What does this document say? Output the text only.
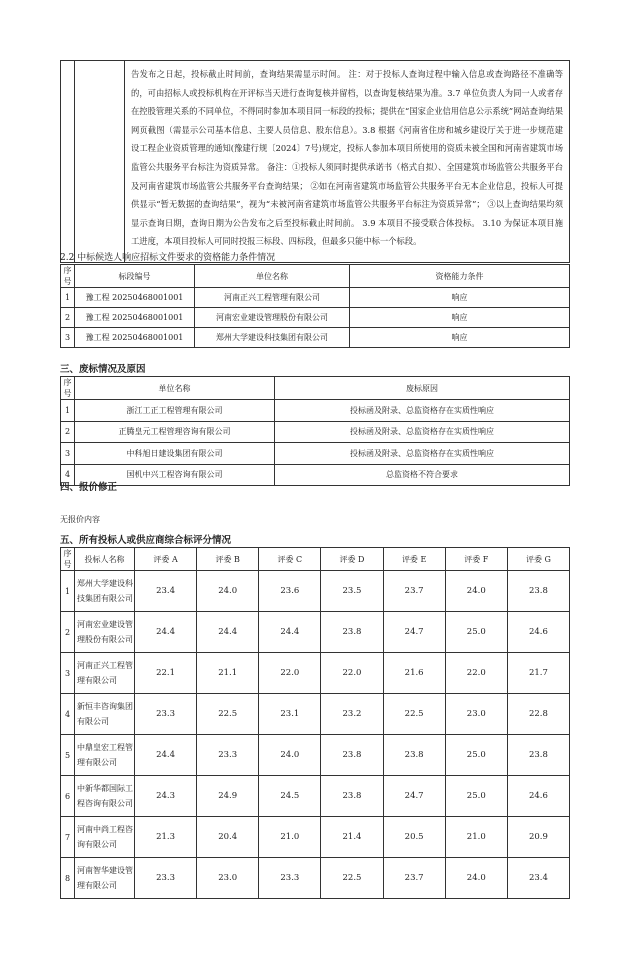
		告发布之日起，投标截止时间前，查询结果需显示时间。 注：对于投标人查询过程中输入信息或查询路径不准确等的，可由招标人或投标机构在开评标当天进行查询复核并留档，以查询复核结果为准。3.7 单位负责人为同一人或者存在控股管理关系的不同单位，不得同时参加本项目同一标段的投标；提供在“国家企业信用信息公示系统”网站查询结果网页截图（需显示公司基本信息、主要人员信息、股东信息）。3.8 根据《河南省住房和城乡建设厅关于进一步规范建设工程企业资质管理的通知(豫建行规〔2024〕7号)规定，投标人参加本项目所使用的资质未被全国和河南省建筑市场监管公共服务平台标注为资质异常。 备注：①投标人须同时提供承诺书（格式自拟）、全国建筑市场监管公共服务平台及河南省建筑市场监管公共服务平台查询结果； ②如在河南省建筑市场监管公共服务平台无本企业信息，投标人可提供显示“暂无数据的查询结果”，视为“未被河南省建筑市场监管公共服务平台标注为资质异常”； ③以上查询结果均须显示查询日期，查询日期为公告发布之后至投标截止时间前。 3.9 本项目不接受联合体投标。 3.10 为保证本项目施工进度，本项目投标人可同时投报三标段、四标段，但最多只能中标一个标段。
2.2 中标候选人响应招标文件要求的资格能力条件情况
序号	标段编号	单位名称	资格能力条件
1	豫工程 20250468001001	河南正兴工程管理有限公司	响应
2	豫工程 20250468001001	河南宏业建设管理股份有限公司	响应
3	豫工程 20250468001001	郑州大学建设科技集团有限公司	响应
三、废标情况及原因
序号	单位名称	废标原因
1	浙江工正工程管理有限公司	投标函及附录、总监资格存在实质性响应
2	正腾皇元工程管理咨询有限公司	投标函及附录、总监资格存在实质性响应
3	中科旭日建设集团有限公司	投标函及附录、总监资格存在实质性响应
4	国机中兴工程咨询有限公司	总监资格不符合要求
四、报价修正
无报价内容
五、所有投标人或供应商综合标评分情况
序号	投标人名称	评委 A	评委 B	评委 C	评委 D	评委 E	评委 F	评委 G
1	郑州大学建设科技集团有限公司	23.4	24.0	23.6	23.5	23.7	24.0	23.8
2	河南宏业建设管理股份有限公司	24.4	24.4	24.4	23.8	24.7	25.0	24.6
3	河南正兴工程管理有限公司	22.1	21.1	22.0	22.0	21.6	22.0	21.7
4	新恒丰咨询集团有限公司	23.3	22.5	23.1	23.2	22.5	23.0	22.8
5	中鼎皇宏工程管理有限公司	24.4	23.3	24.0	23.8	23.8	25.0	23.8
6	中新华都国际工程咨询有限公司	24.3	24.9	24.5	23.8	24.7	25.0	24.6
7	河南中尚工程咨询有限公司	21.3	20.4	21.0	21.4	20.5	21.0	20.9
8	河南智华建设管理有限公司	23.3	23.0	23.3	22.5	23.7	24.0	23.4
